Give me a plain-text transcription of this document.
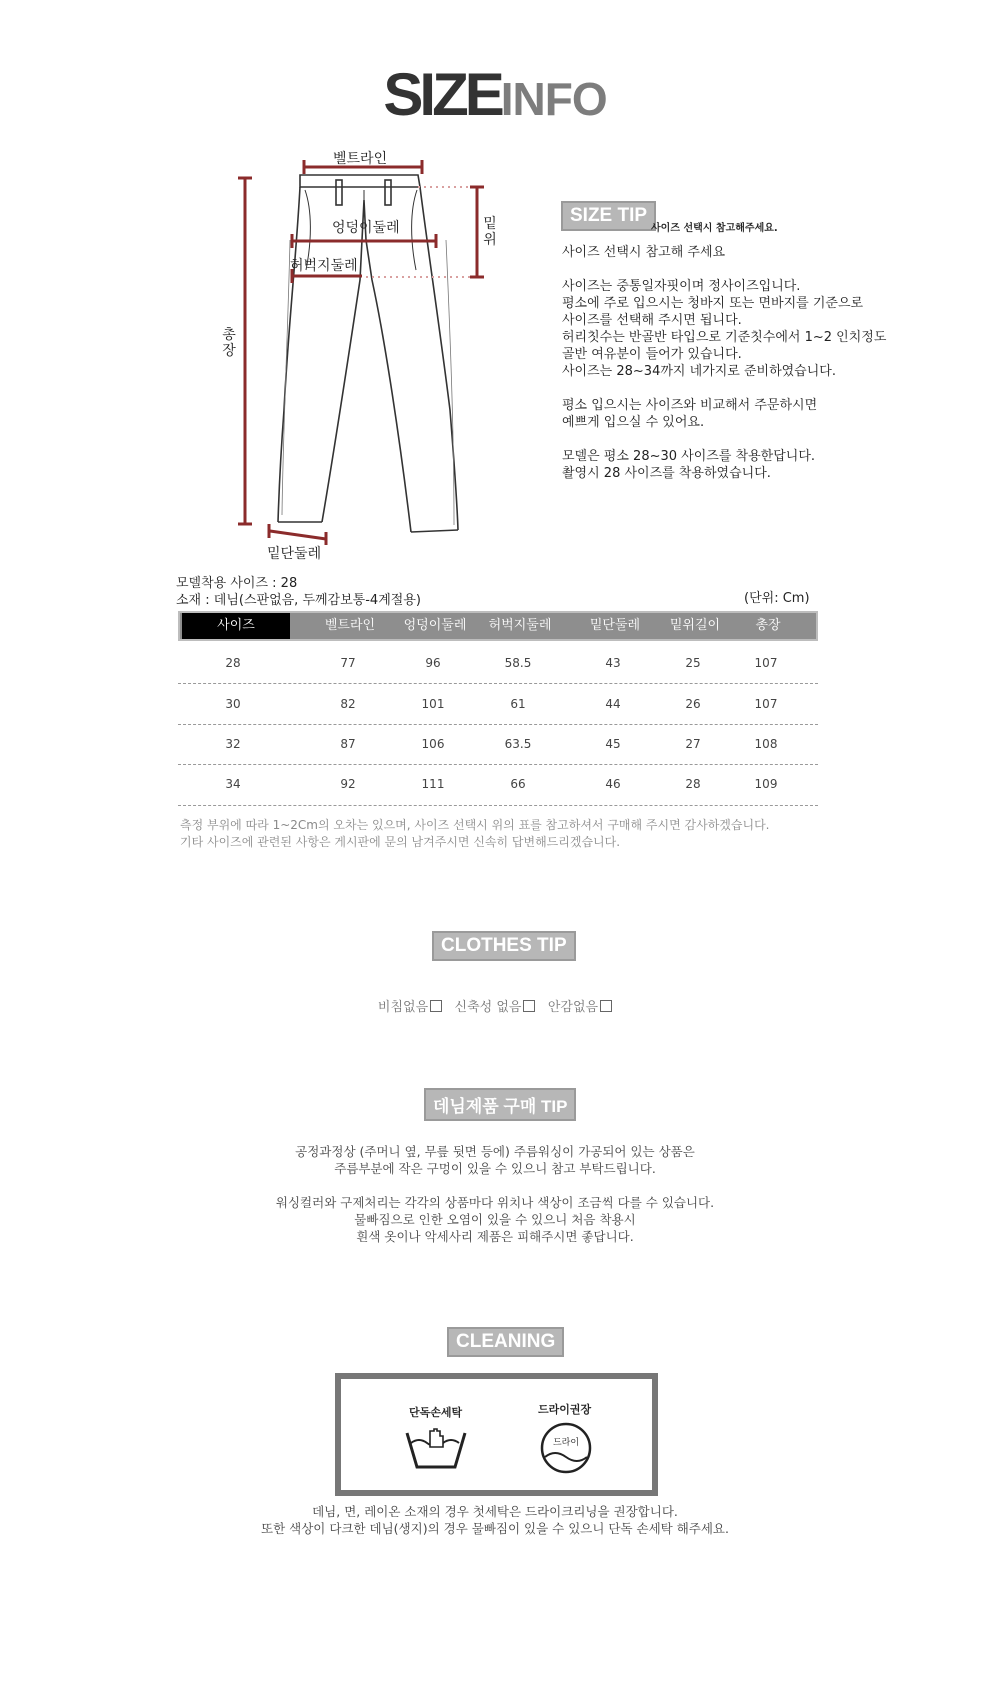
SIZEINFO
벨트라인
엉덩이둘레
허벅지둘레
밑단둘레
밑
위
총
장
SIZE TIP
사이즈 선택시 참고해주세요.
사이즈 선택시 참고해 주세요

사이즈는 중통일자핏이며 정사이즈입니다.
평소에 주로 입으시는 청바지 또는 면바지를 기준으로
사이즈를 선택해 주시면 됩니다.
허리칫수는 반골반 타입으로 기준칫수에서 1~2 인치정도
골반 여유분이 들어가 있습니다.
사이즈는 28~34까지 네가지로 준비하였습니다.

평소 입으시는 사이즈와 비교해서 주문하시면
예쁘게 입으실 수 있어요.

모델은 평소 28~30 사이즈를 착용한답니다.
촬영시 28 사이즈를 착용하였습니다.
모델착용 사이즈 : 28
소재 : 데님(스판없음, 두께감보통-4계절용)	(단위: Cm)
사이즈	벨트라인	엉덩이둘레	허벅지둘레	밑단둘레	밑위길이	총장
28	77	96	58.5	43	25	107
30	82	101	61	44	26	107
32	87	106	63.5	45	27	108
34	92	111	66	46	28	109
측정 부위에 따라 1~2Cm의 오차는 있으며, 사이즈 선택시 위의 표를 참고하셔서 구매해 주시면 감사하겠습니다.
기타 사이즈에 관련된 사항은 게시판에 문의 남겨주시면 신속히 답변해드리겠습니다.
CLOTHES TIP
비침없음 신축성 없음 안감없음
데님제품 구매 TIP
공정과정상 (주머니 옆, 무릎 뒷면 등에) 주름워싱이 가공되어 있는 상품은
주름부분에 작은 구멍이 있을 수 있으니 참고 부탁드립니다.

워싱컬러와 구제처리는 각각의 상품마다 위치나 색상이 조금씩 다를 수 있습니다.
물빠짐으로 인한 오염이 있을 수 있으니 처음 착용시
흰색 옷이나 악세사리 제품은 피해주시면 좋답니다.
CLEANING
단독손세탁	드라이권장
드라이
데님, 면, 레이온 소재의 경우 첫세탁은 드라이크리닝을 권장합니다.
또한 색상이 다크한 데님(생지)의 경우 물빠짐이 있을 수 있으니 단독 손세탁 해주세요.
